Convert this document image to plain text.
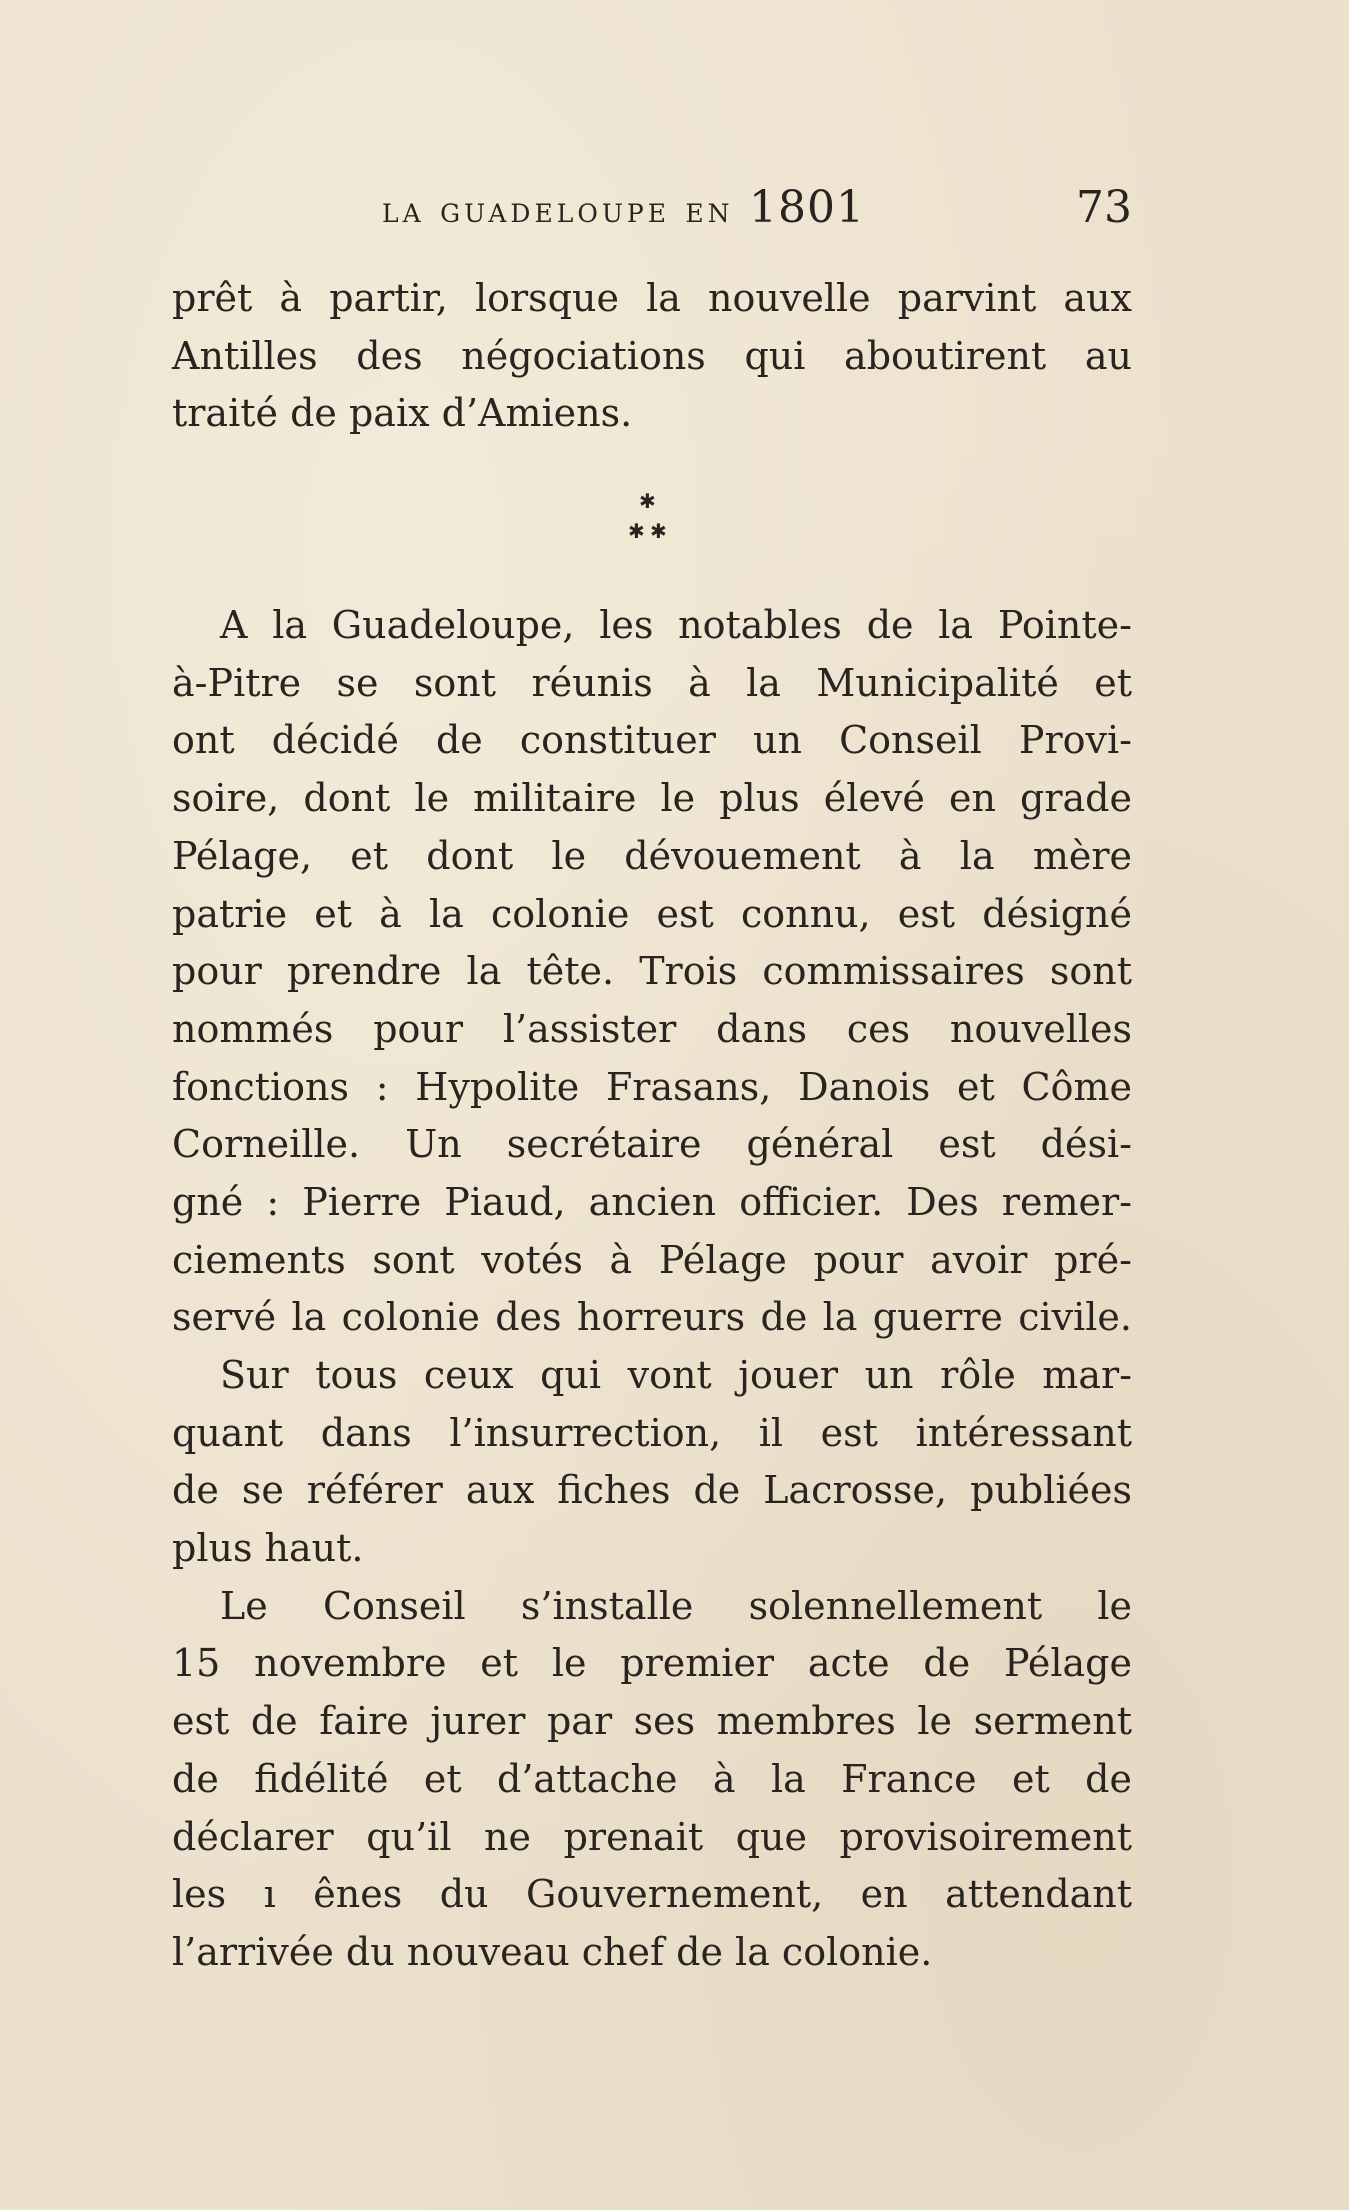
la guadeloupe en 1801	73
prêt à partir, lorsque la nouvelle parvint aux
Antilles des négociations qui aboutirent au
traité de paix d’Amiens.
✱
✱ ✱
A la Guadeloupe, les notables de la Pointe-
à-Pitre se sont réunis à la Municipalité et
ont décidé de constituer un Conseil Provi-
soire, dont le militaire le plus élevé en grade
Pélage, et dont le dévouement à la mère
patrie et à la colonie est connu, est désigné
pour prendre la tête. Trois commissaires sont
nommés pour l’assister dans ces nouvelles
fonctions : Hypolite Frasans, Danois et Côme
Corneille. Un secrétaire général est dési-
gné : Pierre Piaud, ancien officier. Des remer-
ciements sont votés à Pélage pour avoir pré-
servé la colonie des horreurs de la guerre civile.
Sur tous ceux qui vont jouer un rôle mar-
quant dans l’insurrection, il est intéressant
de se référer aux fiches de Lacrosse, publiées
plus haut.
Le Conseil s’installe solennellement le
15 novembre et le premier acte de Pélage
est de faire jurer par ses membres le serment
de fidélité et d’attache à la France et de
déclarer qu’il ne prenait que provisoirement
les ı ênes du Gouvernement, en attendant
l’arrivée du nouveau chef de la colonie.
